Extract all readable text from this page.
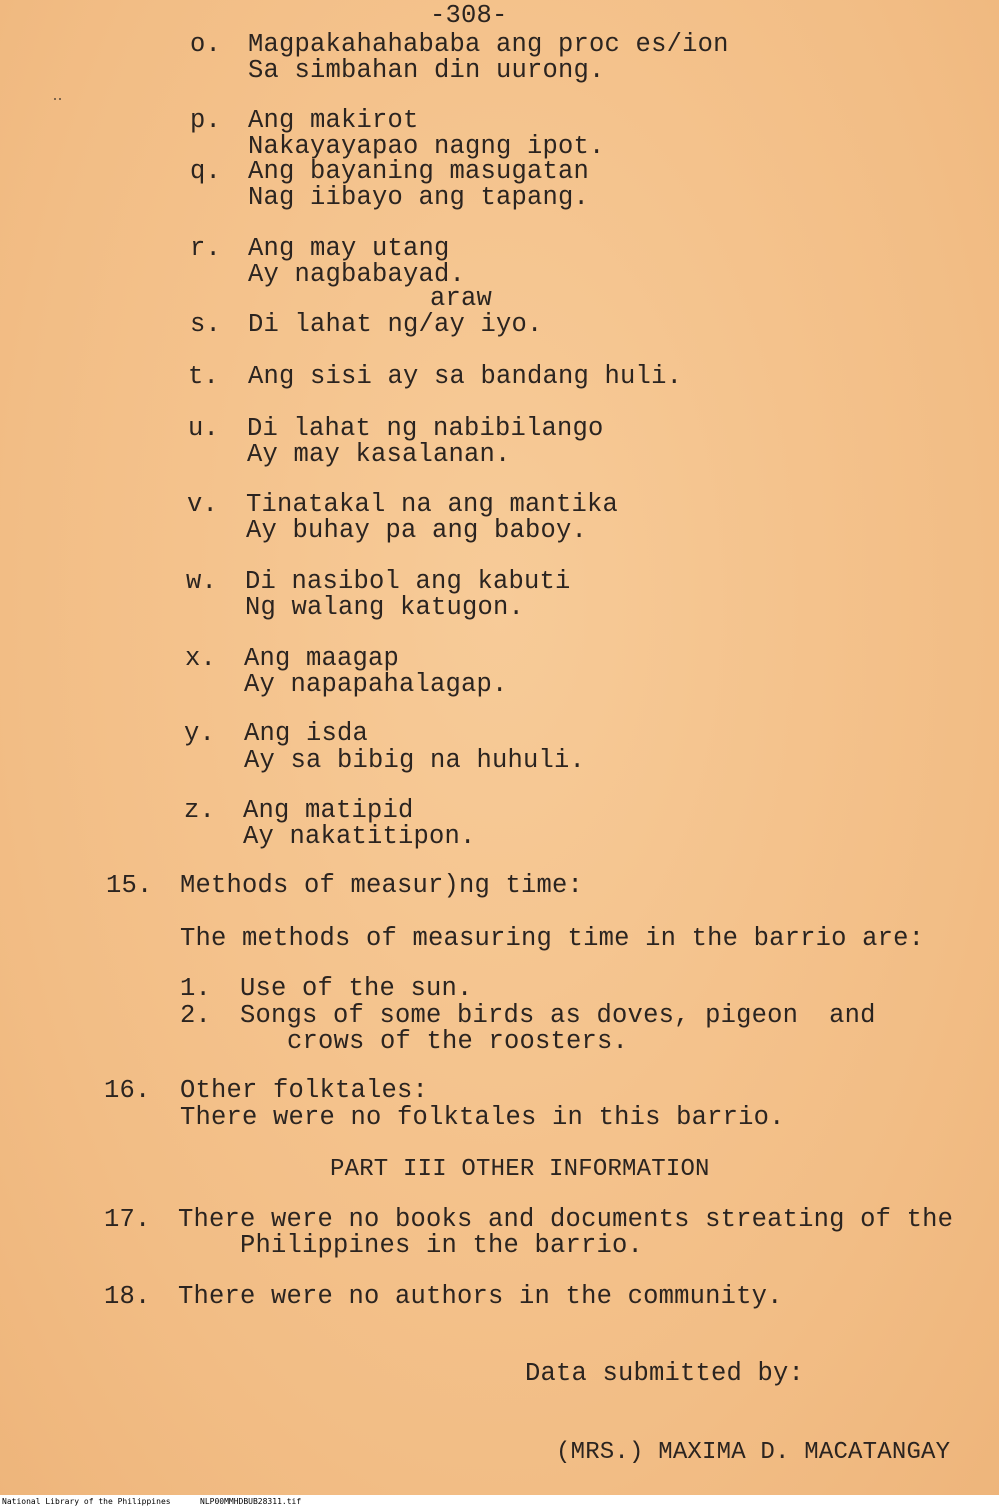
-308-
o. Magpakahahababa ang proc es/ion
Sa simbahan din uurong.
p. Ang makirot
Nakayayapao nagng ipot.
q. Ang bayaning masugatan
Nag iibayo ang tapang.
r. Ang may utang
Ay nagbabayad.
araw
s. Di lahat ng/ay iyo.
t. Ang sisi ay sa bandang huli.
u. Di lahat ng nabibilango
Ay may kasalanan.
v. Tinatakal na ang mantika
Ay buhay pa ang baboy.
w. Di nasibol ang kabuti
Ng walang katugon.
x. Ang maagap
Ay napapahalagap.
y. Ang isda
Ay sa bibig na huhuli.
z. Ang matipid
Ay nakatitipon.
15. Methods of measur)ng time:
The methods of measuring time in the barrio are:
1. Use of the sun.
2. Songs of some birds as doves, pigeon  and
crows of the roosters.
16. Other folktales:
There were no folktales in this barrio.
PART III OTHER INFORMATION
17. There were no books and documents streating of the
Philippines in the barrio.
18. There were no authors in the community.
Data submitted by:
(MRS.) MAXIMA D. MACATANGAY
National Library of the Philippines	NLP00MMHDBUB28311.tif
